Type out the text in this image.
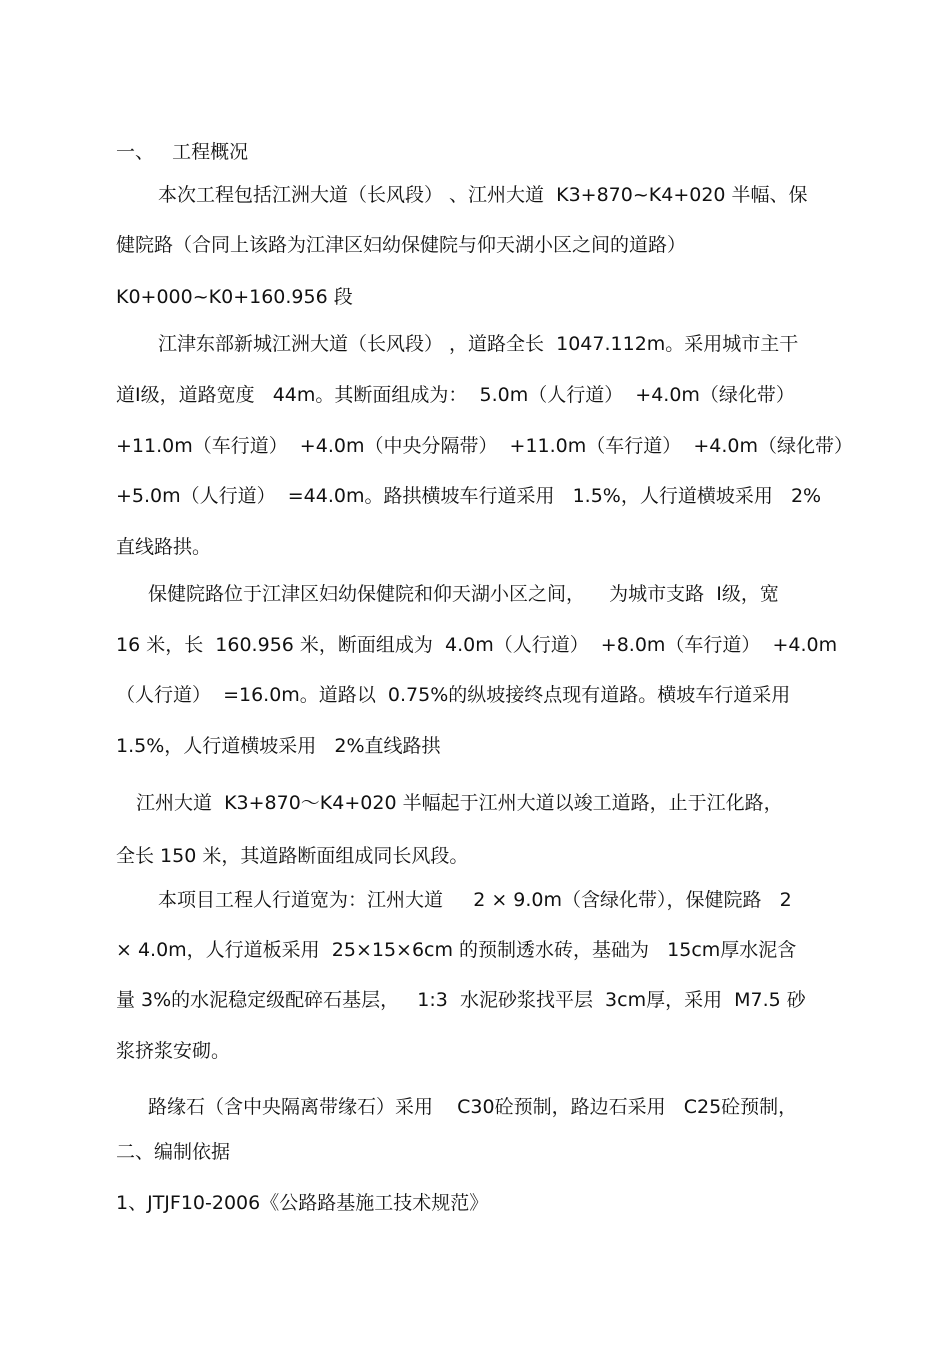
一、   工程概况
本次工程包括江洲大道（长风段） 、江州大道  K3+870~K4+020 半幅、保
健院路（合同上该路为江津区妇幼保健院与仰天湖小区之间的道路）
K0+000~K0+160.956 段
江津东部新城江洲大道（长风段） ，道路全长  1047.112m。采用城市主干
道Ⅰ级，道路宽度   44m。其断面组成为：  5.0m（人行道）  +4.0m（绿化带）
+11.0m（车行道）  +4.0m（中央分隔带）  +11.0m（车行道）  +4.0m（绿化带）
+5.0m（人行道）  =44.0m。路拱横坡车行道采用   1.5%，人行道横坡采用   2%
直线路拱。
保健院路位于江津区妇幼保健院和仰天湖小区之间，    为城市支路  Ⅰ级，宽
16 米，长  160.956 米，断面组成为  4.0m（人行道）  +8.0m（车行道）  +4.0m
（人行道）  =16.0m。道路以  0.75%的纵坡接终点现有道路。横坡车行道采用
1.5%，人行道横坡采用   2%直线路拱
江州大道  K3+870～K4+020 半幅起于江州大道以竣工道路，止于江化路，
全长 150 米，其道路断面组成同长风段。
本项目工程人行道宽为：江州大道     2 × 9.0m（含绿化带），保健院路   2
× 4.0m，人行道板采用  25×15×6cm 的预制透水砖，基础为   15cm厚水泥含
量 3%的水泥稳定级配碎石基层，   1:3  水泥砂浆找平层  3cm厚，采用  M7.5 砂
浆挤浆安砌。
路缘石（含中央隔离带缘石）采用    C30砼预制，路边石采用   C25砼预制，
二、编制依据
1、JTJF10-2006《公路路基施工技术规范》
